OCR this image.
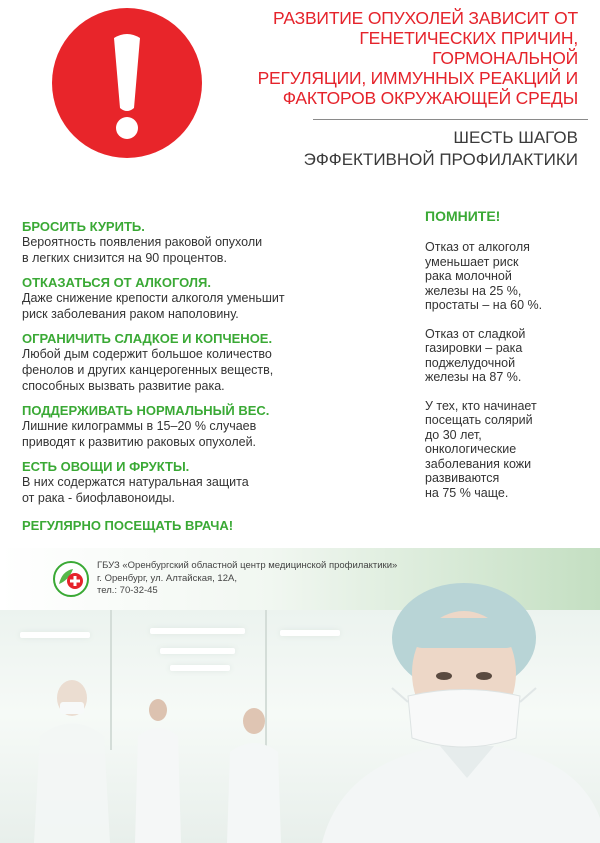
РАЗВИТИЕ ОПУХОЛЕЙ ЗАВИСИТ ОТ
ГЕНЕТИЧЕСКИХ ПРИЧИН, ГОРМОНАЛЬНОЙ
РЕГУЛЯЦИИ, ИММУННЫХ РЕАКЦИЙ И
ФАКТОРОВ ОКРУЖАЮЩЕЙ СРЕДЫ
ШЕСТЬ ШАГОВ
ЭФФЕКТИВНОЙ ПРОФИЛАКТИКИ
БРОСИТЬ КУРИТЬ.
Вероятность появления раковой опухоли
в легких снизится на 90 процентов.
ОТКАЗАТЬСЯ ОТ АЛКОГОЛЯ.
Даже снижение крепости алкоголя уменьшит
риск заболевания раком наполовину.
ОГРАНИЧИТЬ СЛАДКОЕ И КОПЧЕНОЕ.
Любой дым содержит большое количество
фенолов и других канцерогенных веществ,
способных вызвать развитие рака.
ПОДДЕРЖИВАТЬ НОРМАЛЬНЫЙ ВЕС.
Лишние килограммы в 15–20 % случаев
приводят к развитию раковых опухолей.
ЕСТЬ ОВОЩИ И ФРУКТЫ.
В них содержатся натуральная защита
от рака - биофлавоноиды.
РЕГУЛЯРНО ПОСЕЩАТЬ ВРАЧА!
ПОМНИТЕ!
Отказ от алкоголя
уменьшает риск
рака молочной
железы на 25 %,
простаты – на 60 %.
Отказ от сладкой
газировки – рака
поджелудочной
железы на 87 %.
У тех, кто начинает
посещать солярий
до 30 лет,
онкологические
заболевания кожи
развиваются
на 75 % чаще.
ГБУЗ «Оренбургский областной центр медицинской профилактики»
г. Оренбург, ул. Алтайская, 12А,
тел.: 70-32-45
